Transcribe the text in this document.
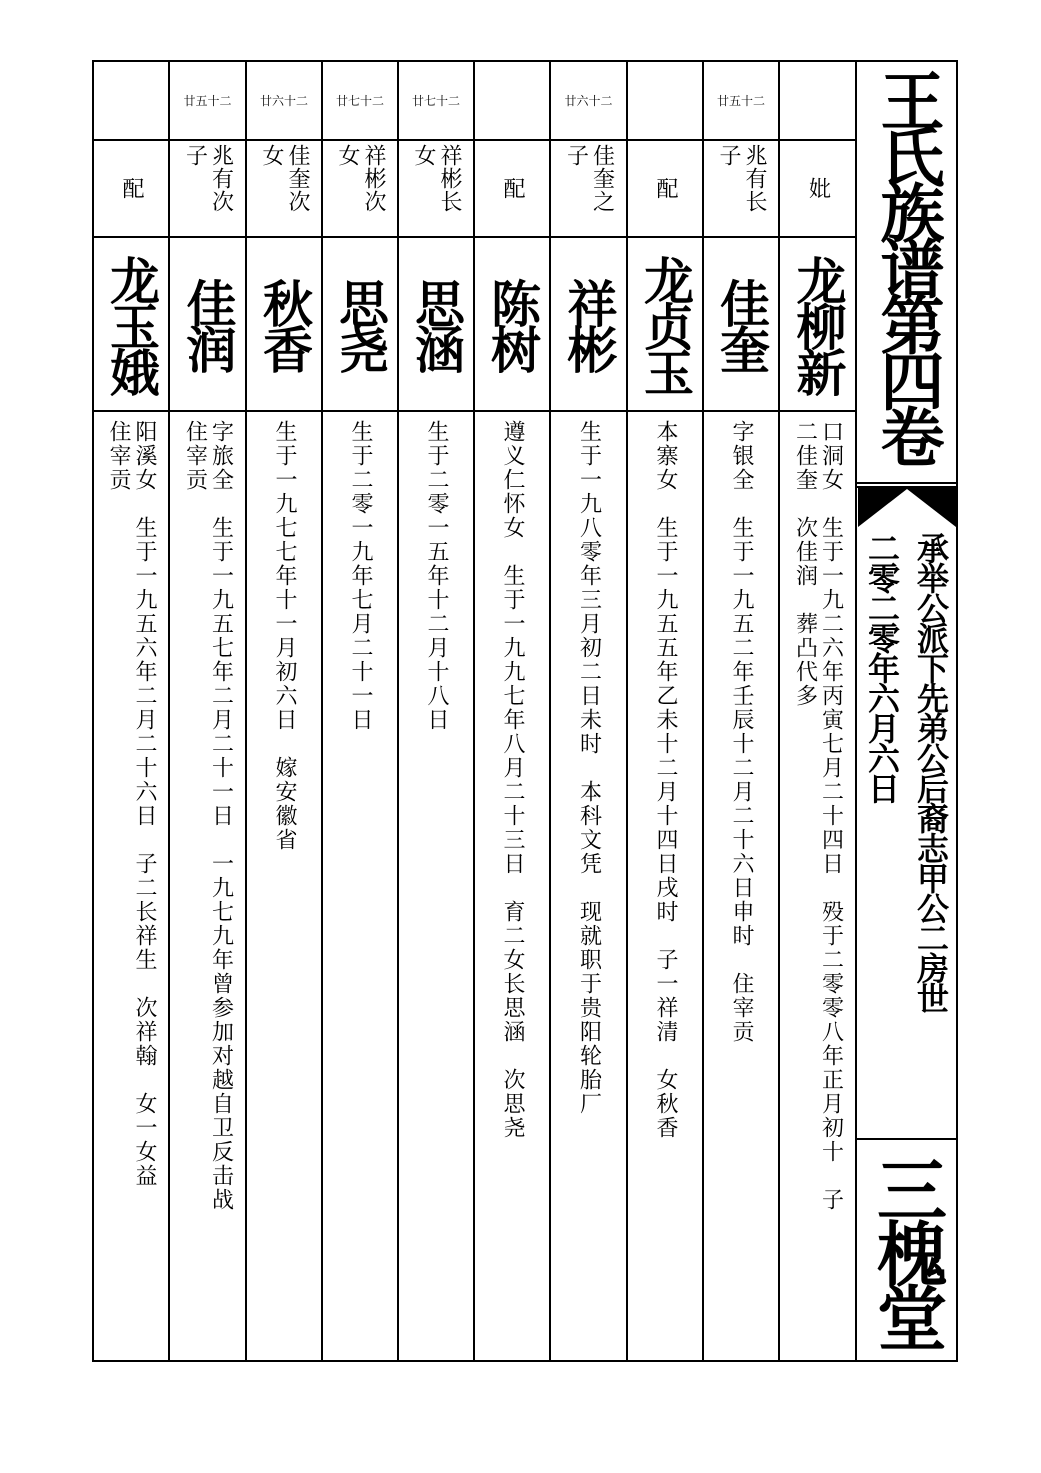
配
龙玉娥
阳溪女　生于一九五六年二月二十六日　子二长祥生　次祥翰　女一女益
住宰贡
廿五十二
兆有次子
佳润
字旅全　生于一九五七年二月二十一日　一九七九年曾参加对越自卫反击战
住宰贡
廿六十二
佳奎次女
秋香
生于一九七七年十一月初六日　嫁安徽省
廿七十二
祥彬次女
思尧
生于二零一九年七月二十一日
廿七十二
祥彬长女
思涵
生于二零一五年十二月十八日
配
陈树
遵义仁怀女　生于一九九七年八月二十三日　育二女长思涵　次思尧
廿六十二
佳奎之子
祥彬
生于一九八零年三月初二日未时　本科文凭　现就职于贵阳轮胎厂
配
龙贞玉
本寨女　生于一九五五年乙未十二月十四日戌时　子一祥清　女秋香
廿五十二
兆有长子
佳奎
字银全　生于一九五二年壬辰十二月二十六日申时　住宰贡
妣
龙柳新
口洞女　生于一九二六年丙寅七月二十四日　殁于二零零八年正月初十　子
二佳奎　次佳润　葬凸代多
王氏族谱第四卷
承举公派下先弟公后裔志甲公二房世
二零二零年六月六日
三槐堂
